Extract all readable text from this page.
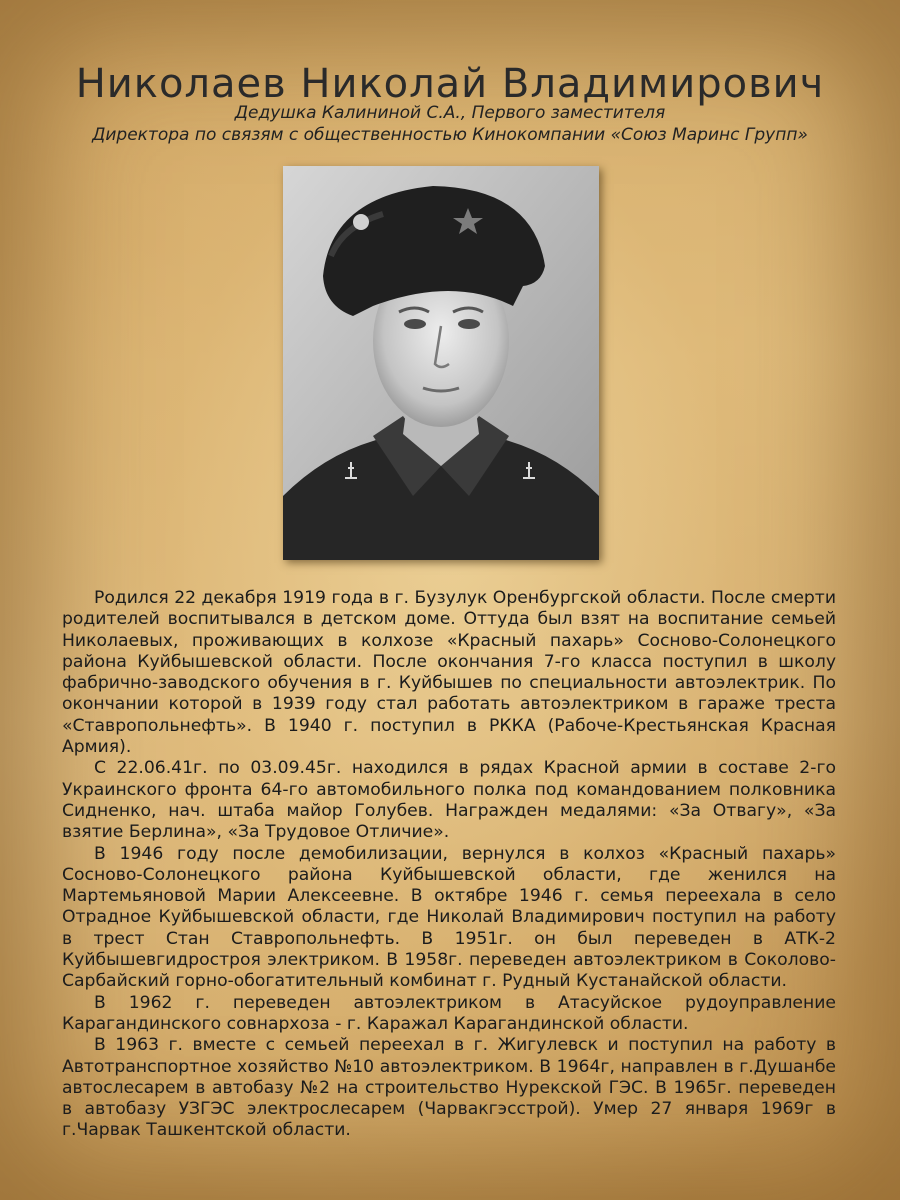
Николаев Николай Владимирович
Дедушка Калининой С.А., Первого заместителя
Директора по связям с общественностью Кинокомпании «Союз Маринс Групп»

Родился 22 декабря 1919 года в г. Бузулук Оренбургской области. После смерти родителей воспитывался в детском доме. Оттуда был взят на воспитание семьей Николаевых, проживающих в колхозе «Красный пахарь» Сосново-Солонецкого района Куйбышевской области. После окончания 7-го класса поступил в школу фабрично-заводского обучения в г. Куйбышев по специальности автоэлектрик. По окончании которой в 1939 году стал работать автоэлектриком в гараже треста «Ставропольнефть». В 1940 г. поступил в РККА (Рабоче-Крестьянская Красная Армия).

С 22.06.41г. по 03.09.45г. находился в рядах Красной армии в составе 2-го Украинского фронта 64-го автомобильного полка под командованием полковника Сидненко, нач. штаба майор Голубев. Награжден медалями: «За Отвагу», «За взятие Берлина», «За Трудовое Отличие».

В 1946 году после демобилизации, вернулся в колхоз «Красный пахарь» Сосново-Солонецкого района Куйбышевской области, где женился на Мартемьяновой Марии Алексеевне. В октябре 1946 г. семья переехала в село Отрадное Куйбышевской области, где Николай Владимирович поступил на работу в трест Стан Ставропольнефть. В 1951г. он был переведен в АТК-2 Куйбышевгидростроя электриком. В 1958г. переведен автоэлектриком в Соколово-Сарбайский горно-обогатительный комбинат г. Рудный Кустанайской области.

В 1962 г. переведен автоэлектриком в Атасуйское рудоуправление Карагандинского совнархоза - г. Каражал Карагандинской области.

В 1963 г. вместе с семьей переехал в г. Жигулевск и поступил на работу в Автотранспортное хозяйство №10 автоэлектриком. В 1964г, направлен в г.Душанбе автослесарем в автобазу №2 на строительство Нурекской ГЭС. В 1965г. переведен в автобазу УЗГЭС электрослесарем (Чарвакгэсстрой). Умер 27 января 1969г в г.Чарвак Ташкентской области.
